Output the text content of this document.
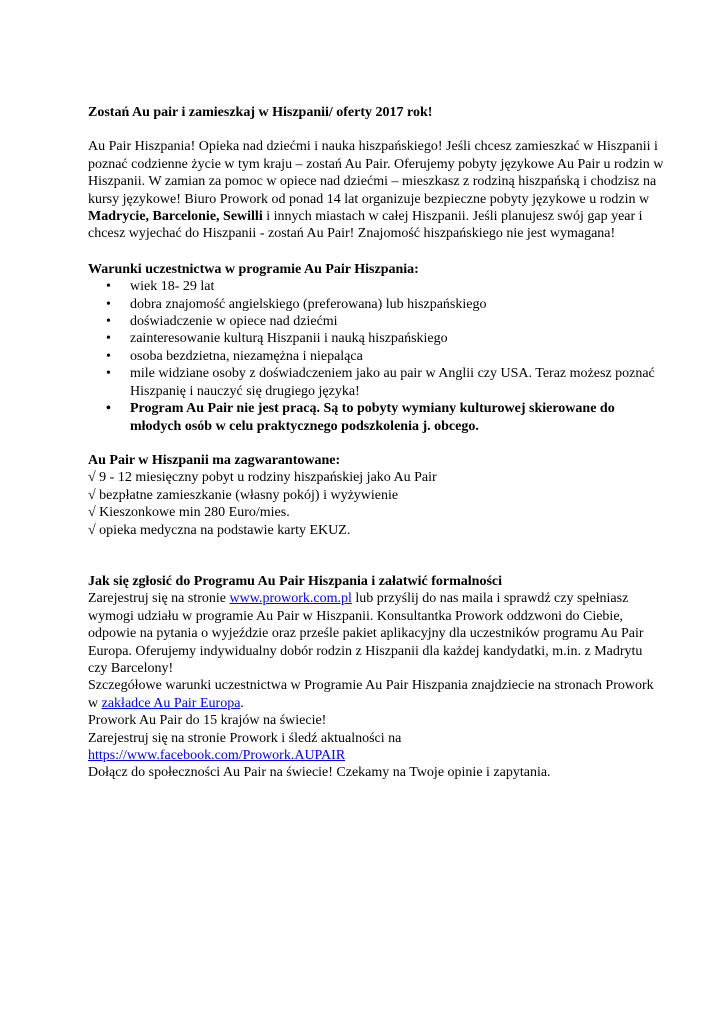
Zostań Au pair i zamieszkaj w Hiszpanii/ oferty 2017 rok!

Au Pair Hiszpania! Opieka nad dziećmi i nauka hiszpańskiego! Jeśli chcesz zamieszkać w Hiszpanii i poznać codzienne życie w tym kraju – zostań Au Pair. Oferujemy pobyty językowe Au Pair u rodzin w Hiszpanii. W zamian za pomoc w opiece nad dziećmi – mieszkasz z rodziną hiszpańską i chodzisz na kursy językowe! Biuro Prowork od ponad 14 lat organizuje bezpieczne pobyty językowe u rodzin w Madrycie, Barcelonie, Sewilli i innych miastach w całej Hiszpanii. Jeśli planujesz swój gap year i chcesz wyjechać do Hiszpanii - zostań Au Pair! Znajomość hiszpańskiego nie jest wymagana!

Warunki uczestnictwa w programie Au Pair Hiszpania:
• wiek 18- 29 lat
• dobra znajomość angielskiego (preferowana) lub hiszpańskiego
• doświadczenie w opiece nad dziećmi
• zainteresowanie kulturą Hiszpanii i nauką hiszpańskiego
• osoba bezdzietna, niezamężna i niepaląca
• mile widziane osoby z doświadczeniem jako au pair w Anglii czy USA. Teraz możesz poznać Hiszpanię i nauczyć się drugiego języka!
• Program Au Pair nie jest pracą. Są to pobyty wymiany kulturowej skierowane do młodych osób w celu praktycznego podszkolenia j. obcego.
Au Pair w Hiszpanii ma zagwarantowane:
√ 9 - 12 miesięczny pobyt u rodziny hiszpańskiej jako Au Pair
√ bezpłatne zamieszkanie (własny pokój) i wyżywienie
√ Kieszonkowe min 280 Euro/mies.
√ opieka medyczna na podstawie karty EKUZ.
Jak się zgłosić do Programu Au Pair Hiszpania i załatwić formalności

Zarejestruj się na stronie www.prowork.com.pl lub przyślij do nas maila i sprawdź czy spełniasz wymogi udziału w programie Au Pair w Hiszpanii. Konsultantka Prowork oddzwoni do Ciebie, odpowie na pytania o wyjeździe oraz prześle pakiet aplikacyjny dla uczestników programu Au Pair Europa. Oferujemy indywidualny dobór rodzin z Hiszpanii dla każdej kandydatki, m.in. z Madrytu czy Barcelony!

Szczegółowe warunki uczestnictwa w Programie Au Pair Hiszpania znajdziecie na stronach Prowork w zakładce Au Pair Europa.

Prowork Au Pair do 15 krajów na świecie!

Zarejestruj się na stronie Prowork i śledź aktualności na

https://www.facebook.com/Prowork.AUPAIR

Dołącz do społeczności Au Pair na świecie! Czekamy na Twoje opinie i zapytania.
